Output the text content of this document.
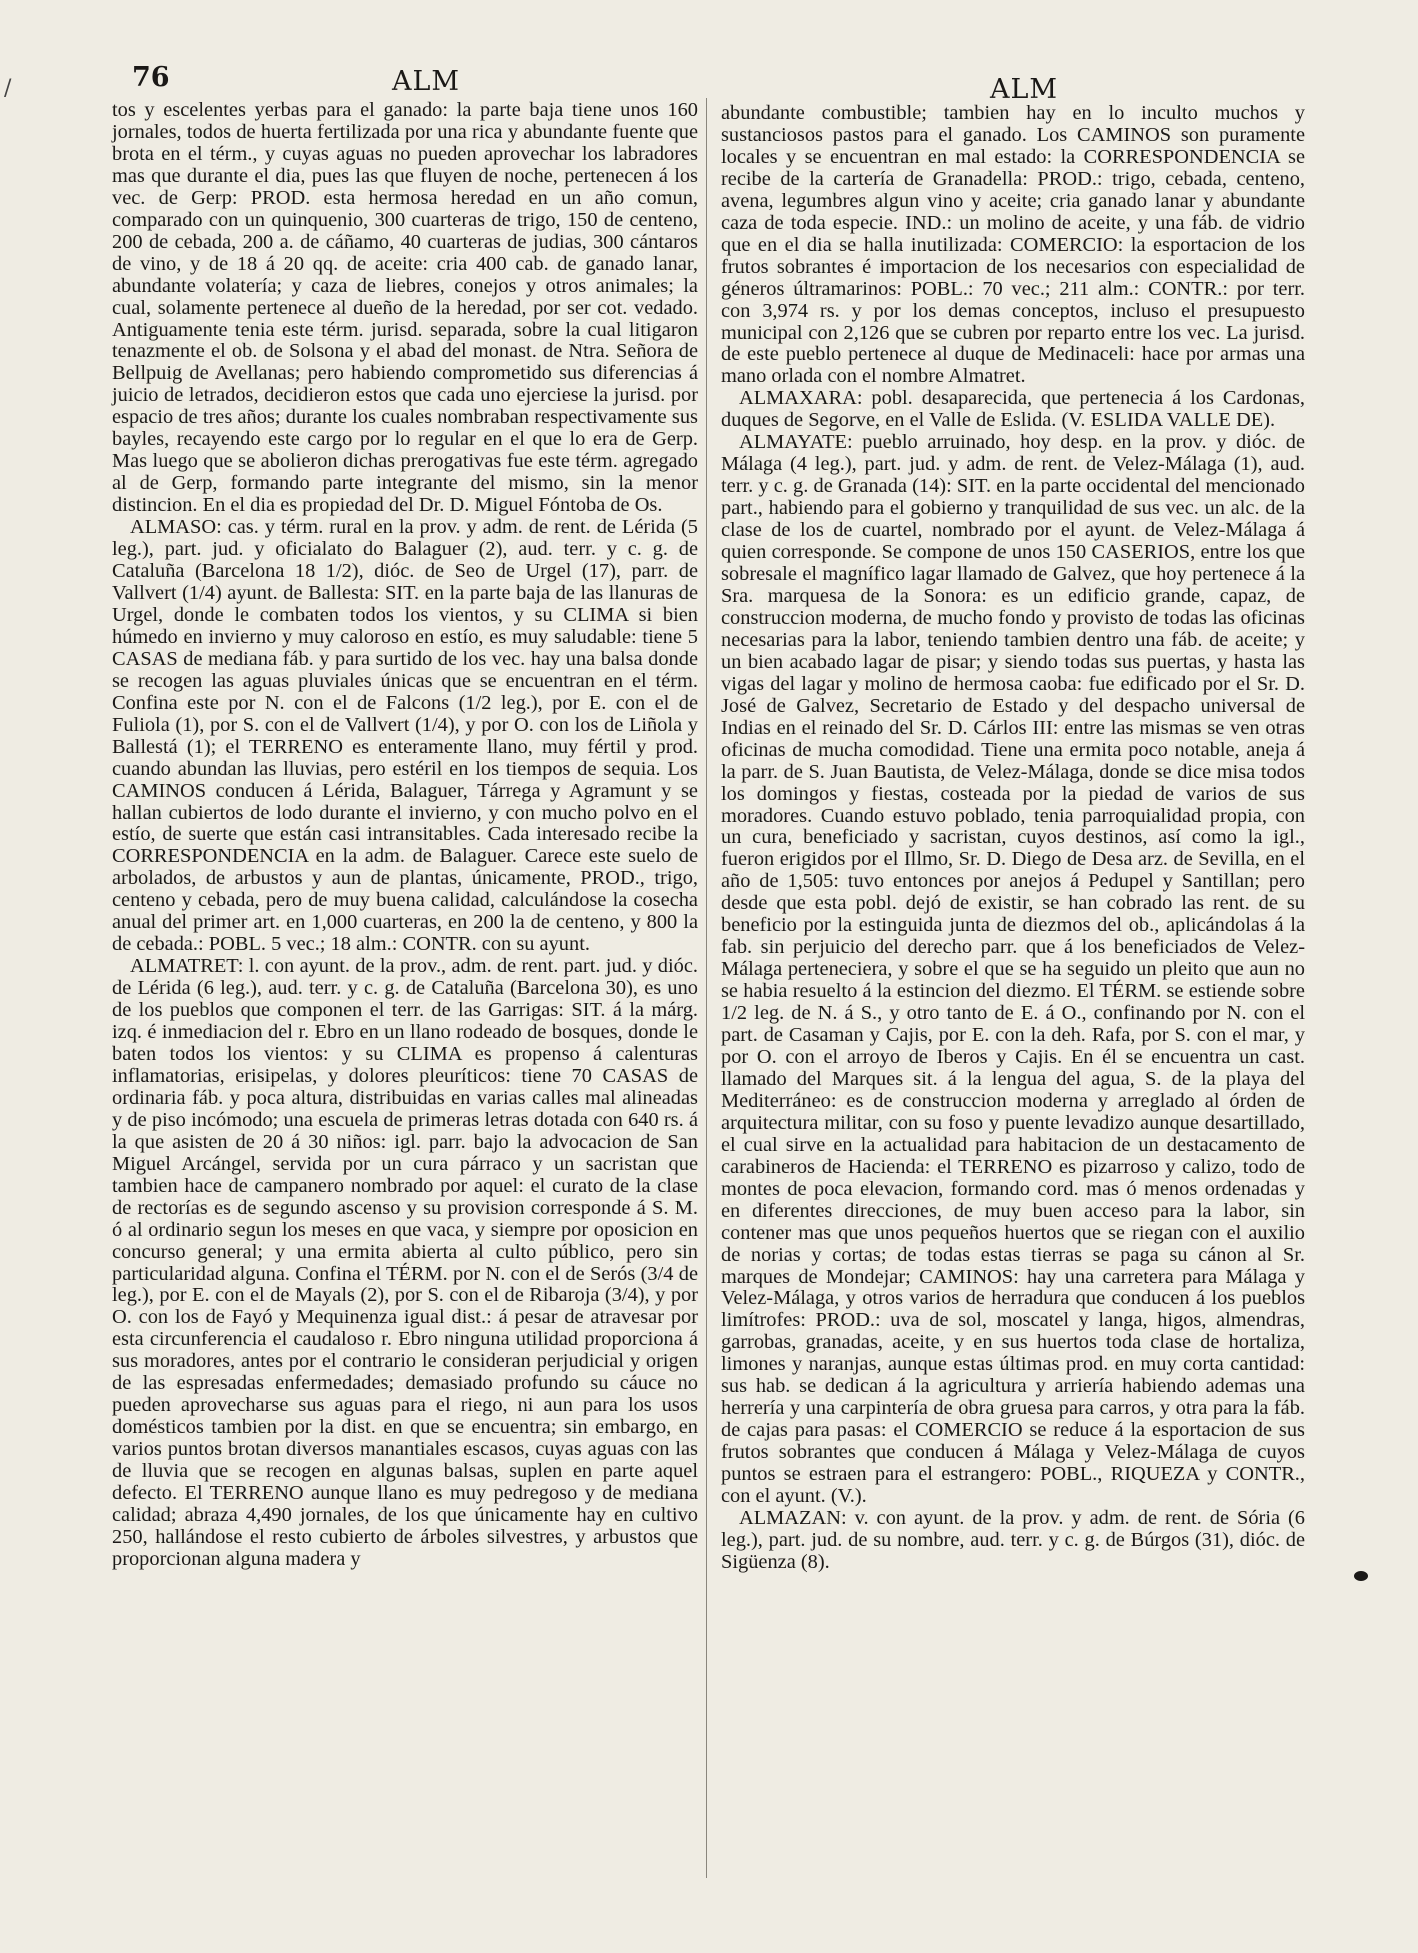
76	ALM	ALM
/

tos y escelentes yerbas para el ganado: la parte baja tiene unos 160 jornales, todos de huerta fertilizada por una rica y abundante fuente que brota en el térm., y cuyas aguas no pueden aprovechar los labradores mas que durante el dia, pues las que fluyen de noche, pertenecen á los vec. de Gerp: PROD. esta hermosa heredad en un año comun, comparado con un quinquenio, 300 cuarteras de trigo, 150 de centeno, 200 de cebada, 200 a. de cáñamo, 40 cuarteras de judias, 300 cántaros de vino, y de 18 á 20 qq. de aceite: cria 400 cab. de ganado lanar, abundante volatería; y caza de liebres, conejos y otros animales; la cual, solamente pertenece al dueño de la heredad, por ser cot. vedado. Antiguamente tenia este térm. jurisd. separada, sobre la cual litigaron tenazmente el ob. de Solsona y el abad del monast. de Ntra. Señora de Bellpuig de Avellanas; pero habiendo comprometido sus diferencias á juicio de letrados, decidieron estos que cada uno ejerciese la jurisd. por espacio de tres años; durante los cuales nombraban respectivamente sus bayles, recayendo este cargo por lo regular en el que lo era de Gerp. Mas luego que se abolieron dichas prerogativas fue este térm. agregado al de Gerp, formando parte integrante del mismo, sin la menor distincion. En el dia es propiedad del Dr. D. Miguel Fóntoba de Os.

ALMASO: cas. y térm. rural en la prov. y adm. de rent. de Lérida (5 leg.), part. jud. y oficialato do Balaguer (2), aud. terr. y c. g. de Cataluña (Barcelona 18 1/2), dióc. de Seo de Urgel (17), parr. de Vallvert (1/4) ayunt. de Ballesta: SIT. en la parte baja de las llanuras de Urgel, donde le combaten todos los vientos, y su CLIMA si bien húmedo en invierno y muy caloroso en estío, es muy saludable: tiene 5 CASAS de mediana fáb. y para surtido de los vec. hay una balsa donde se recogen las aguas pluviales únicas que se encuentran en el térm. Confina este por N. con el de Falcons (1/2 leg.), por E. con el de Fuliola (1), por S. con el de Vallvert (1/4), y por O. con los de Liñola y Ballestá (1); el TERRENO es enteramente llano, muy fértil y prod. cuando abundan las lluvias, pero estéril en los tiempos de sequia. Los CAMINOS conducen á Lérida, Balaguer, Tárrega y Agramunt y se hallan cubiertos de lodo durante el invierno, y con mucho polvo en el estío, de suerte que están casi intransitables. Cada interesado recibe la CORRESPONDENCIA en la adm. de Balaguer. Carece este suelo de arbolados, de arbustos y aun de plantas, únicamente, PROD., trigo, centeno y cebada, pero de muy buena calidad, calculándose la cosecha anual del primer art. en 1,000 cuarteras, en 200 la de centeno, y 800 la de cebada.: POBL. 5 vec.; 18 alm.: CONTR. con su ayunt.

ALMATRET: l. con ayunt. de la prov., adm. de rent. part. jud. y dióc. de Lérida (6 leg.), aud. terr. y c. g. de Cataluña (Barcelona 30), es uno de los pueblos que componen el terr. de las Garrigas: SIT. á la márg. izq. é inmediacion del r. Ebro en un llano rodeado de bosques, donde le baten todos los vientos: y su CLIMA es propenso á calenturas inflamatorias, erisipelas, y dolores pleuríticos: tiene 70 CASAS de ordinaria fáb. y poca altura, distribuidas en varias calles mal alineadas y de piso incómodo; una escuela de primeras letras dotada con 640 rs. á la que asisten de 20 á 30 niños: igl. parr. bajo la advocacion de San Miguel Arcángel, servida por un cura párraco y un sacristan que tambien hace de campanero nombrado por aquel: el curato de la clase de rectorías es de segundo ascenso y su provision corresponde á S. M. ó al ordinario segun los meses en que vaca, y siempre por oposicion en concurso general; y una ermita abierta al culto público, pero sin particularidad alguna. Confina el TÉRM. por N. con el de Serós (3/4 de leg.), por E. con el de Mayals (2), por S. con el de Ribaroja (3/4), y por O. con los de Fayó y Mequinenza igual dist.: á pesar de atravesar por esta circunferencia el caudaloso r. Ebro ninguna utilidad proporciona á sus moradores, antes por el contrario le consideran perjudicial y origen de las espresadas enfermedades; demasiado profundo su cáuce no pueden aprovecharse sus aguas para el riego, ni aun para los usos domésticos tambien por la dist. en que se encuentra; sin embargo, en varios puntos brotan diversos manantiales escasos, cuyas aguas con las de lluvia que se recogen en algunas balsas, suplen en parte aquel defecto. El TERRENO aunque llano es muy pedregoso y de mediana calidad; abraza 4,490 jornales, de los que únicamente hay en cultivo 250, hallándose el resto cubierto de árboles silvestres, y arbustos que proporcionan alguna madera y

abundante combustible; tambien hay en lo inculto muchos y sustanciosos pastos para el ganado. Los CAMINOS son puramente locales y se encuentran en mal estado: la CORRESPONDENCIA se recibe de la cartería de Granadella: PROD.: trigo, cebada, centeno, avena, legumbres algun vino y aceite; cria ganado lanar y abundante caza de toda especie. IND.: un molino de aceite, y una fáb. de vidrio que en el dia se halla inutilizada: COMERCIO: la esportacion de los frutos sobrantes é importacion de los necesarios con especialidad de géneros últramarinos: POBL.: 70 vec.; 211 alm.: CONTR.: por terr. con 3,974 rs. y por los demas conceptos, incluso el presupuesto municipal con 2,126 que se cubren por reparto entre los vec. La jurisd. de este pueblo pertenece al duque de Medinaceli: hace por armas una mano orlada con el nombre Almatret.

ALMAXARA: pobl. desaparecida, que pertenecia á los Cardonas, duques de Segorve, en el Valle de Eslida. (V. ESLIDA VALLE DE).

ALMAYATE: pueblo arruinado, hoy desp. en la prov. y dióc. de Málaga (4 leg.), part. jud. y adm. de rent. de Velez-Málaga (1), aud. terr. y c. g. de Granada (14): SIT. en la parte occidental del mencionado part., habiendo para el gobierno y tranquilidad de sus vec. un alc. de la clase de los de cuartel, nombrado por el ayunt. de Velez-Málaga á quien corresponde. Se compone de unos 150 CASERIOS, entre los que sobresale el magnífico lagar llamado de Galvez, que hoy pertenece á la Sra. marquesa de la Sonora: es un edificio grande, capaz, de construccion moderna, de mucho fondo y provisto de todas las oficinas necesarias para la labor, teniendo tambien dentro una fáb. de aceite; y un bien acabado lagar de pisar; y siendo todas sus puertas, y hasta las vigas del lagar y molino de hermosa caoba: fue edificado por el Sr. D. José de Galvez, Secretario de Estado y del despacho universal de Indias en el reinado del Sr. D. Cárlos III: entre las mismas se ven otras oficinas de mucha comodidad. Tiene una ermita poco notable, aneja á la parr. de S. Juan Bautista, de Velez-Málaga, donde se dice misa todos los domingos y fiestas, costeada por la piedad de varios de sus moradores. Cuando estuvo poblado, tenia parroquialidad propia, con un cura, beneficiado y sacristan, cuyos destinos, así como la igl., fueron erigidos por el Illmo, Sr. D. Diego de Desa arz. de Sevilla, en el año de 1,505: tuvo entonces por anejos á Pedupel y Santillan; pero desde que esta pobl. dejó de existir, se han cobrado las rent. de su beneficio por la estinguida junta de diezmos del ob., aplicándolas á la fab. sin perjuicio del derecho parr. que á los beneficiados de Velez-Málaga perteneciera, y sobre el que se ha seguido un pleito que aun no se habia resuelto á la estincion del diezmo. El TÉRM. se estiende sobre 1/2 leg. de N. á S., y otro tanto de E. á O., confinando por N. con el part. de Casaman y Cajis, por E. con la deh. Rafa, por S. con el mar, y por O. con el arroyo de Iberos y Cajis. En él se encuentra un cast. llamado del Marques sit. á la lengua del agua, S. de la playa del Mediterráneo: es de construccion moderna y arreglado al órden de arquitectura militar, con su foso y puente levadizo aunque desartillado, el cual sirve en la actualidad para habitacion de un destacamento de carabineros de Hacienda: el TERRENO es pizarroso y calizo, todo de montes de poca elevacion, formando cord. mas ó menos ordenadas y en diferentes direcciones, de muy buen acceso para la labor, sin contener mas que unos pequeños huertos que se riegan con el auxilio de norias y cortas; de todas estas tierras se paga su cánon al Sr. marques de Mondejar; CAMINOS: hay una carretera para Málaga y Velez-Málaga, y otros varios de herradura que conducen á los pueblos limítrofes: PROD.: uva de sol, moscatel y langa, higos, almendras, garrobas, granadas, aceite, y en sus huertos toda clase de hortaliza, limones y naranjas, aunque estas últimas prod. en muy corta cantidad: sus hab. se dedican á la agricultura y arriería habiendo ademas una herrería y una carpintería de obra gruesa para carros, y otra para la fáb. de cajas para pasas: el COMERCIO se reduce á la esportacion de sus frutos sobrantes que conducen á Málaga y Velez-Málaga de cuyos puntos se estraen para el estrangero: POBL., RIQUEZA y CONTR., con el ayunt. (V.).

ALMAZAN: v. con ayunt. de la prov. y adm. de rent. de Sória (6 leg.), part. jud. de su nombre, aud. terr. y c. g. de Búrgos (31), dióc. de Sigüenza (8).
